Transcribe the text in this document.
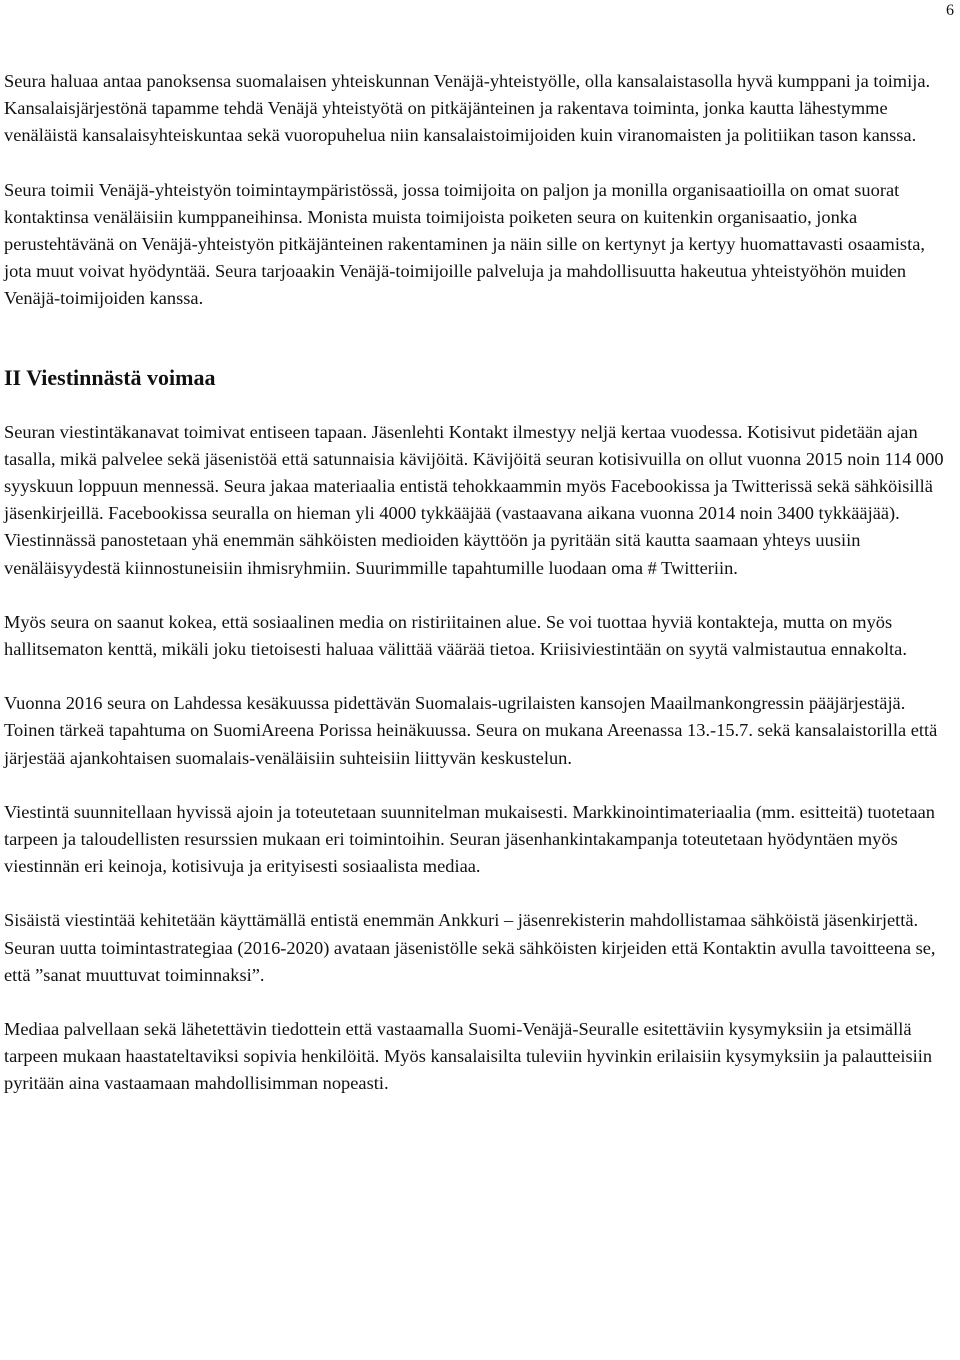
6

Seura haluaa antaa panoksensa suomalaisen yhteiskunnan Venäjä-yhteistyölle, olla kansalaistasolla hyvä kumppani ja toimija. Kansalaisjärjestönä tapamme tehdä Venäjä yhteistyötä on pitkäjänteinen ja rakentava toiminta, jonka kautta lähestymme venäläistä kansalaisyhteiskuntaa sekä vuoropuhelua niin kansalaistoimijoiden kuin viranomaisten ja politiikan tason kanssa.

Seura toimii Venäjä-yhteistyön toimintaympäristössä, jossa toimijoita on paljon ja monilla organisaatioilla on omat suorat kontaktinsa venäläisiin kumppaneihinsa. Monista muista toimijoista poiketen seura on kuitenkin organisaatio, jonka perustehtävänä on Venäjä-yhteistyön pitkäjänteinen rakentaminen ja näin sille on kertynyt ja kertyy huomattavasti osaamista, jota muut voivat hyödyntää. Seura tarjoaakin Venäjä-toimijoille palveluja ja mahdollisuutta hakeutua yhteistyöhön muiden Venäjä-toimijoiden kanssa.

II Viestinnästä voimaa

Seuran viestintäkanavat toimivat entiseen tapaan. Jäsenlehti Kontakt ilmestyy neljä kertaa vuodessa. Kotisivut pidetään ajan tasalla, mikä palvelee sekä jäsenistöä että satunnaisia kävijöitä. Kävijöitä seuran kotisivuilla on ollut vuonna 2015 noin 114 000 syyskuun loppuun mennessä. Seura jakaa materiaalia entistä tehokkaammin myös Facebookissa ja Twitterissä sekä sähköisillä jäsenkirjeillä. Facebookissa seuralla on hieman yli 4000 tykkääjää (vastaavana aikana vuonna 2014 noin 3400 tykkääjää). Viestinnässä panostetaan yhä enemmän sähköisten medioiden käyttöön ja pyritään sitä kautta saamaan yhteys uusiin venäläisyydestä kiinnostuneisiin ihmisryhmiin. Suurimmille tapahtumille luodaan oma # Twitteriin.

Myös seura on saanut kokea, että sosiaalinen media on ristiriitainen alue. Se voi tuottaa hyviä kontakteja, mutta on myös hallitsematon kenttä, mikäli joku tietoisesti haluaa välittää väärää tietoa. Kriisiviestintään on syytä valmistautua ennakolta.

Vuonna 2016 seura on Lahdessa kesäkuussa pidettävän Suomalais-ugrilaisten kansojen Maailmankongressin pääjärjestäjä. Toinen tärkeä tapahtuma on SuomiAreena Porissa heinäkuussa. Seura on mukana Areenassa 13.-15.7. sekä kansalaistorilla että järjestää ajankohtaisen suomalais-venäläisiin suhteisiin liittyvän keskustelun.

Viestintä suunnitellaan hyvissä ajoin ja toteutetaan suunnitelman mukaisesti. Markkinointimateriaalia (mm. esitteitä) tuotetaan tarpeen ja taloudellisten resurssien mukaan eri toimintoihin. Seuran jäsenhankintakampanja toteutetaan hyödyntäen myös viestinnän eri keinoja, kotisivuja ja erityisesti sosiaalista mediaa.

Sisäistä viestintää kehitetään käyttämällä entistä enemmän Ankkuri – jäsenrekisterin mahdollistamaa sähköistä jäsenkirjettä. Seuran uutta toimintastrategiaa (2016-2020) avataan jäsenistölle sekä sähköisten kirjeiden että Kontaktin avulla tavoitteena se, että ”sanat muuttuvat toiminnaksi”.

Mediaa palvellaan sekä lähetettävin tiedottein että vastaamalla Suomi-Venäjä-Seuralle esitettäviin kysymyksiin ja etsimällä tarpeen mukaan haastateltaviksi sopivia henkilöitä. Myös kansalaisilta tuleviin hyvinkin erilaisiin kysymyksiin ja palautteisiin pyritään aina vastaamaan mahdollisimman nopeasti.
